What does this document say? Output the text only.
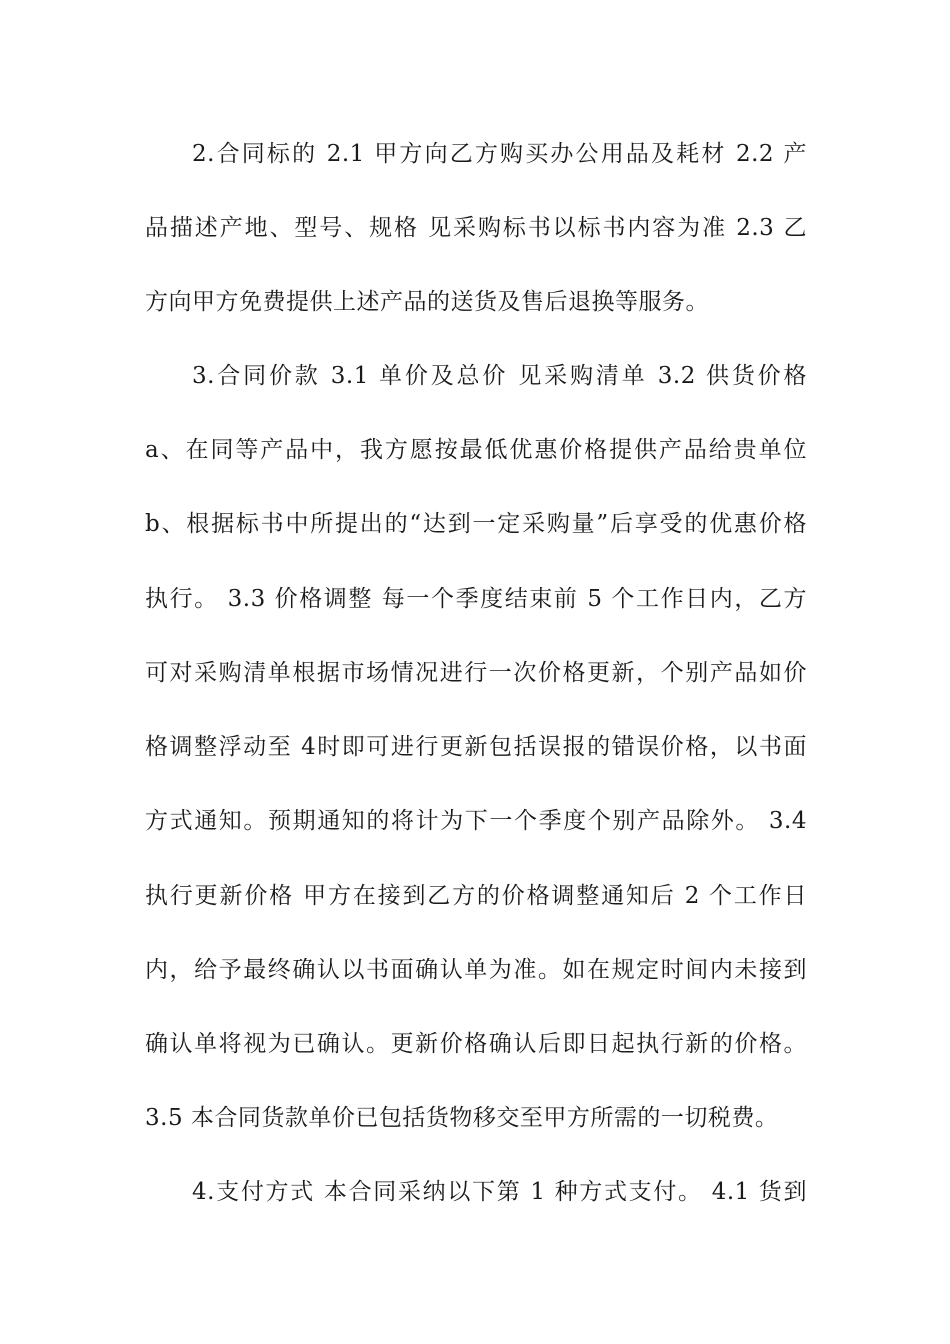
2.合同标的 2.1 甲方向乙方购买办公用品及耗材 2.2 产
品描述产地、型号、规格 见采购标书以标书内容为准 2.3 乙
方向甲方免费提供上述产品的送货及售后退换等服务。
3.合同价款 3.1 单价及总价 见采购清单 3.2 供货价格
a、在同等产品中，我方愿按最低优惠价格提供产品给贵单位
b、根据标书中所提出的“达到一定采购量”后享受的优惠价格
执行。 3.3 价格调整 每一个季度结束前 5 个工作日内，乙方
可对采购清单根据市场情况进行一次价格更新，个别产品如价
格调整浮动至 4时即可进行更新包括误报的错误价格，以书面
方式通知。预期通知的将计为下一个季度个别产品除外。 3.4
执行更新价格 甲方在接到乙方的价格调整通知后 2 个工作日
内，给予最终确认以书面确认单为准。如在规定时间内未接到
确认单将视为已确认。更新价格确认后即日起执行新的价格。
3.5 本合同货款单价已包括货物移交至甲方所需的一切税费。
4.支付方式 本合同采纳以下第 1 种方式支付。 4.1 货到
